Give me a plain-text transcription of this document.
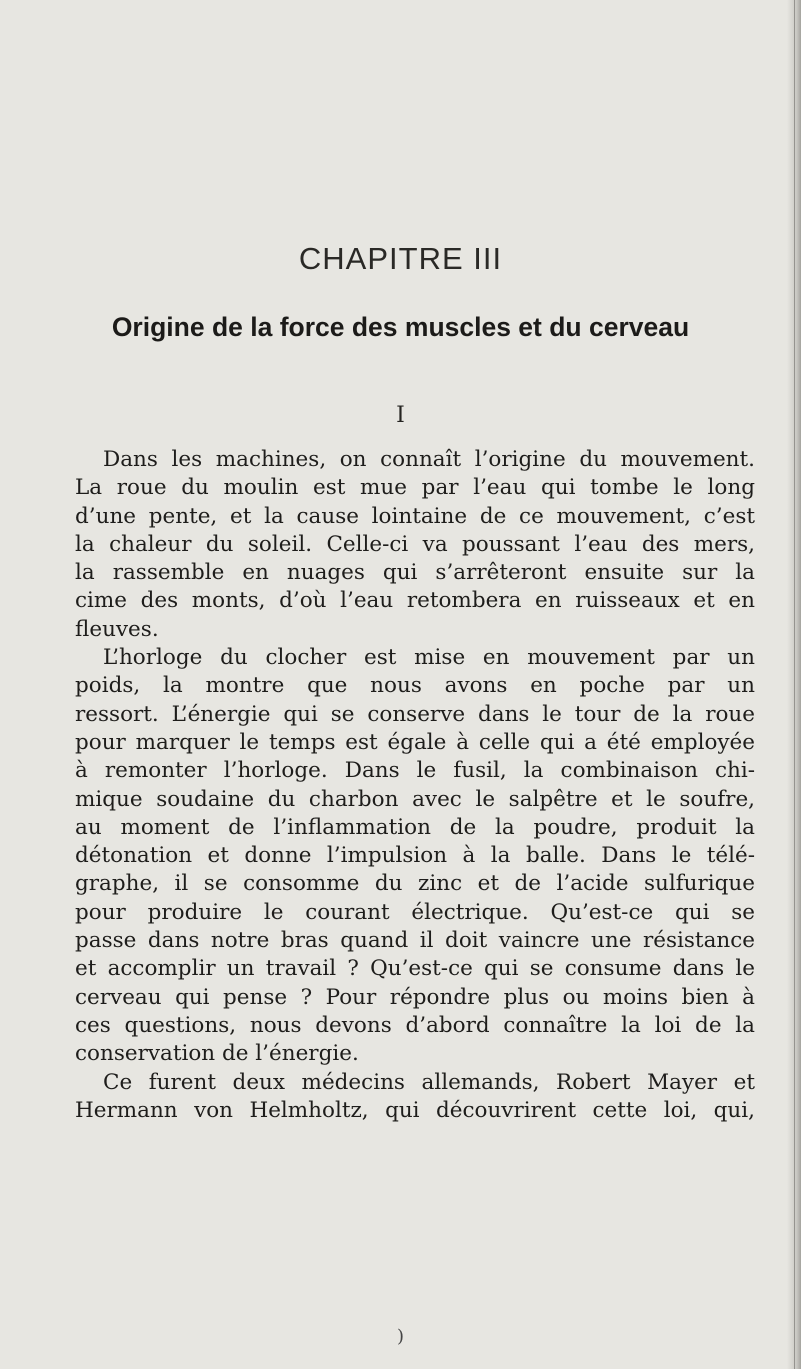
CHAPITRE III
Origine de la force des muscles et du cerveau
I
Dans les machines, on connaît l’origine du mouvement.
La roue du moulin est mue par l’eau qui tombe le long
d’une pente, et la cause lointaine de ce mouvement, c’est
la chaleur du soleil. Celle-ci va poussant l’eau des mers,
la rassemble en nuages qui s’arrêteront ensuite sur la
cime des monts, d’où l’eau retombera en ruisseaux et en
fleuves.
L’horloge du clocher est mise en mouvement par un
poids, la montre que nous avons en poche par un
ressort. L’énergie qui se conserve dans le tour de la roue
pour marquer le temps est égale à celle qui a été employée
à remonter l’horloge. Dans le fusil, la combinaison chi-
mique soudaine du charbon avec le salpêtre et le soufre,
au moment de l’inflammation de la poudre, produit la
détonation et donne l’impulsion à la balle. Dans le télé-
graphe, il se consomme du zinc et de l’acide sulfurique
pour produire le courant électrique. Qu’est-ce qui se
passe dans notre bras quand il doit vaincre une résistance
et accomplir un travail ? Qu’est-ce qui se consume dans le
cerveau qui pense ? Pour répondre plus ou moins bien à
ces questions, nous devons d’abord connaître la loi de la
conservation de l’énergie.
Ce furent deux médecins allemands, Robert Mayer et
Hermann von Helmholtz, qui découvrirent cette loi, qui,
)
